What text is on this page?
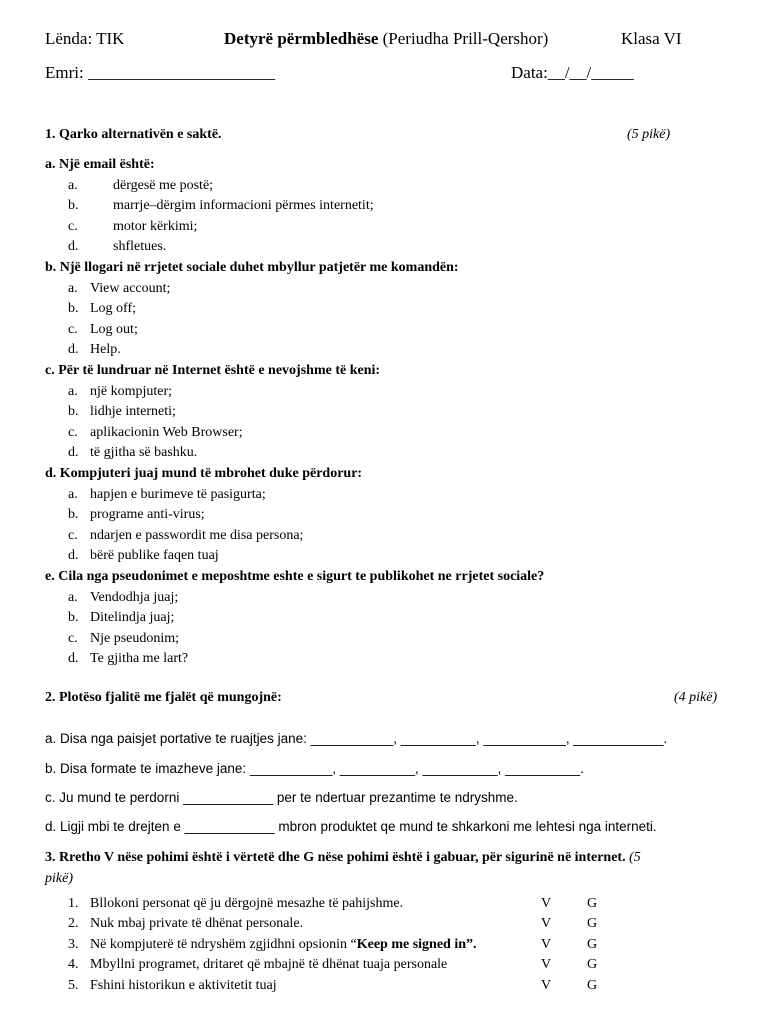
Lënda: TIK	Detyrë përmbledhëse (Periudha Prill-Qershor)	Klasa VI
Emri: ______________________	Data:__/__/_____
1. Qarko alternativën e saktë.	(5 pikë)
a. Një email është:
a.	dërgesë me postë;
b. marrje–dërgim informacioni përmes internetit;
c.	motor kërkimi;
d. shfletues.
b. Një llogari në rrjetet sociale duhet mbyllur patjetër me komandën:
a. View account;
b. Log off;
c. Log out;
d. Help.
c. Për të lundruar në Internet është e nevojshme të keni:
a. një kompjuter;
b. lidhje interneti;
c. aplikacionin Web Browser;
d. të gjitha së bashku.
d. Kompjuteri juaj mund të mbrohet duke përdorur:
a. hapjen e burimeve të pasigurta;
b. programe anti-virus;
c. ndarjen e passwordit me disa persona;
d. bërë publike faqen tuaj
e. Cila nga pseudonimet e meposhtme eshte e sigurt te publikohet ne rrjetet sociale?
a. Vendodhja juaj;
b. Ditelindja juaj;
c. Nje pseudonim;
d. Te gjitha me lart?
2. Plotëso fjalitë me fjalët që mungojnë:	(4 pikë)
a. Disa nga paisjet portative te ruajtjes jane: ___________, __________, ___________, ____________.
b. Disa formate te imazheve jane: ___________, __________, __________, __________.
c. Ju mund te perdorni ____________ per te ndertuar prezantime te ndryshme.
d. Ligji mbi te drejten e ____________ mbron produktet qe mund te shkarkoni me lehtesi nga interneti.
3. Rretho V nëse pohimi është i vërtetë dhe G nëse pohimi është i gabuar, për sigurinë në internet. (5
pikë)
1. Bllokoni personat që ju dërgojnë mesazhe të pahijshme.	V	G
2. Nuk mbaj private të dhënat personale.	V	G
3. Në kompjuterë të ndryshëm zgjidhni opsionin “Keep me signed in”.	V	G
4. Mbyllni programet, dritaret që mbajnë të dhënat tuaja personale	V	G
5. Fshini historikun e aktivitetit tuaj	V	G
